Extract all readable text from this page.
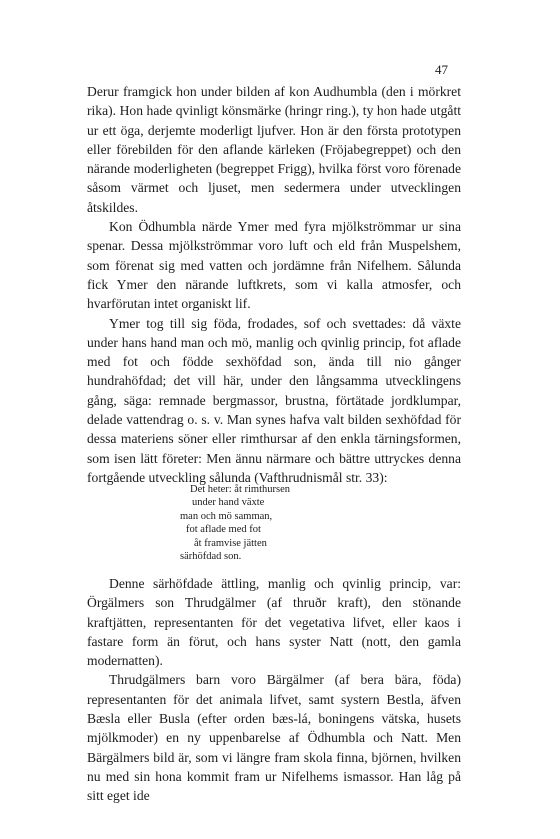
47

Derur framgick hon under bilden af kon Audhumbla (den i mörkret rika). Hon hade qvinligt könsmärke (hringr ring.), ty hon hade utgått ur ett öga, derjemte moderligt ljufver. Hon är den första prototypen eller förebilden för den aflande kärleken (Fröjabegreppet) och den närande moderligheten (begreppet Frigg), hvilka först voro förenade såsom värmet och ljuset, men sedermera under utvecklingen åtskildes.

Kon Ödhumbla närde Ymer med fyra mjölkströmmar ur sina spenar. Dessa mjölkströmmar voro luft och eld från Muspelshem, som förenat sig med vatten och jordämne från Nifelhem. Sålunda fick Ymer den närande luftkrets, som vi kalla atmosfer, och hvarförutan intet organiskt lif.

Ymer tog till sig föda, frodades, sof och svettades: då växte under hans hand man och mö, manlig och qvinlig princip, fot aflade med fot och födde sexhöfdad son, ända till nio gånger hundrahöfdad; det vill här, under den långsamma utvecklingens gång, säga: remnade bergmassor, brustna, förtätade jordklumpar, delade vattendrag o. s. v. Man synes hafva valt bilden sexhöfdad för dessa materiens söner eller rimthursar af den enkla tärningsformen, som isen lätt företer: Men ännu närmare och bättre uttryckes denna fortgående utveckling sålunda (Vafthrudnismål str. 33):

Det heter: åt rimthursen
under hand växte
man och mö samman,
fot aflade med fot
åt framvise jätten
särhöfdad son.

Denne särhöfdade ättling, manlig och qvinlig princip, var: Örgälmers son Thrudgälmer (af thruðr kraft), den stönande kraftjätten, representanten för det vegetativa lifvet, eller kaos i fastare form än förut, och hans syster Natt (nott, den gamla modernatten).

Thrudgälmers barn voro Bärgälmer (af bera bära, föda) representanten för det animala lifvet, samt systern Bestla, äfven Bæsla eller Busla (efter orden bæs-lá, boningens vätska, husets mjölkmoder) en ny uppenbarelse af Ödhumbla och Natt. Men Bärgälmers bild är, som vi längre fram skola finna, björnen, hvilken nu med sin hona kommit fram ur Nifelhems ismassor. Han låg på sitt eget ide
